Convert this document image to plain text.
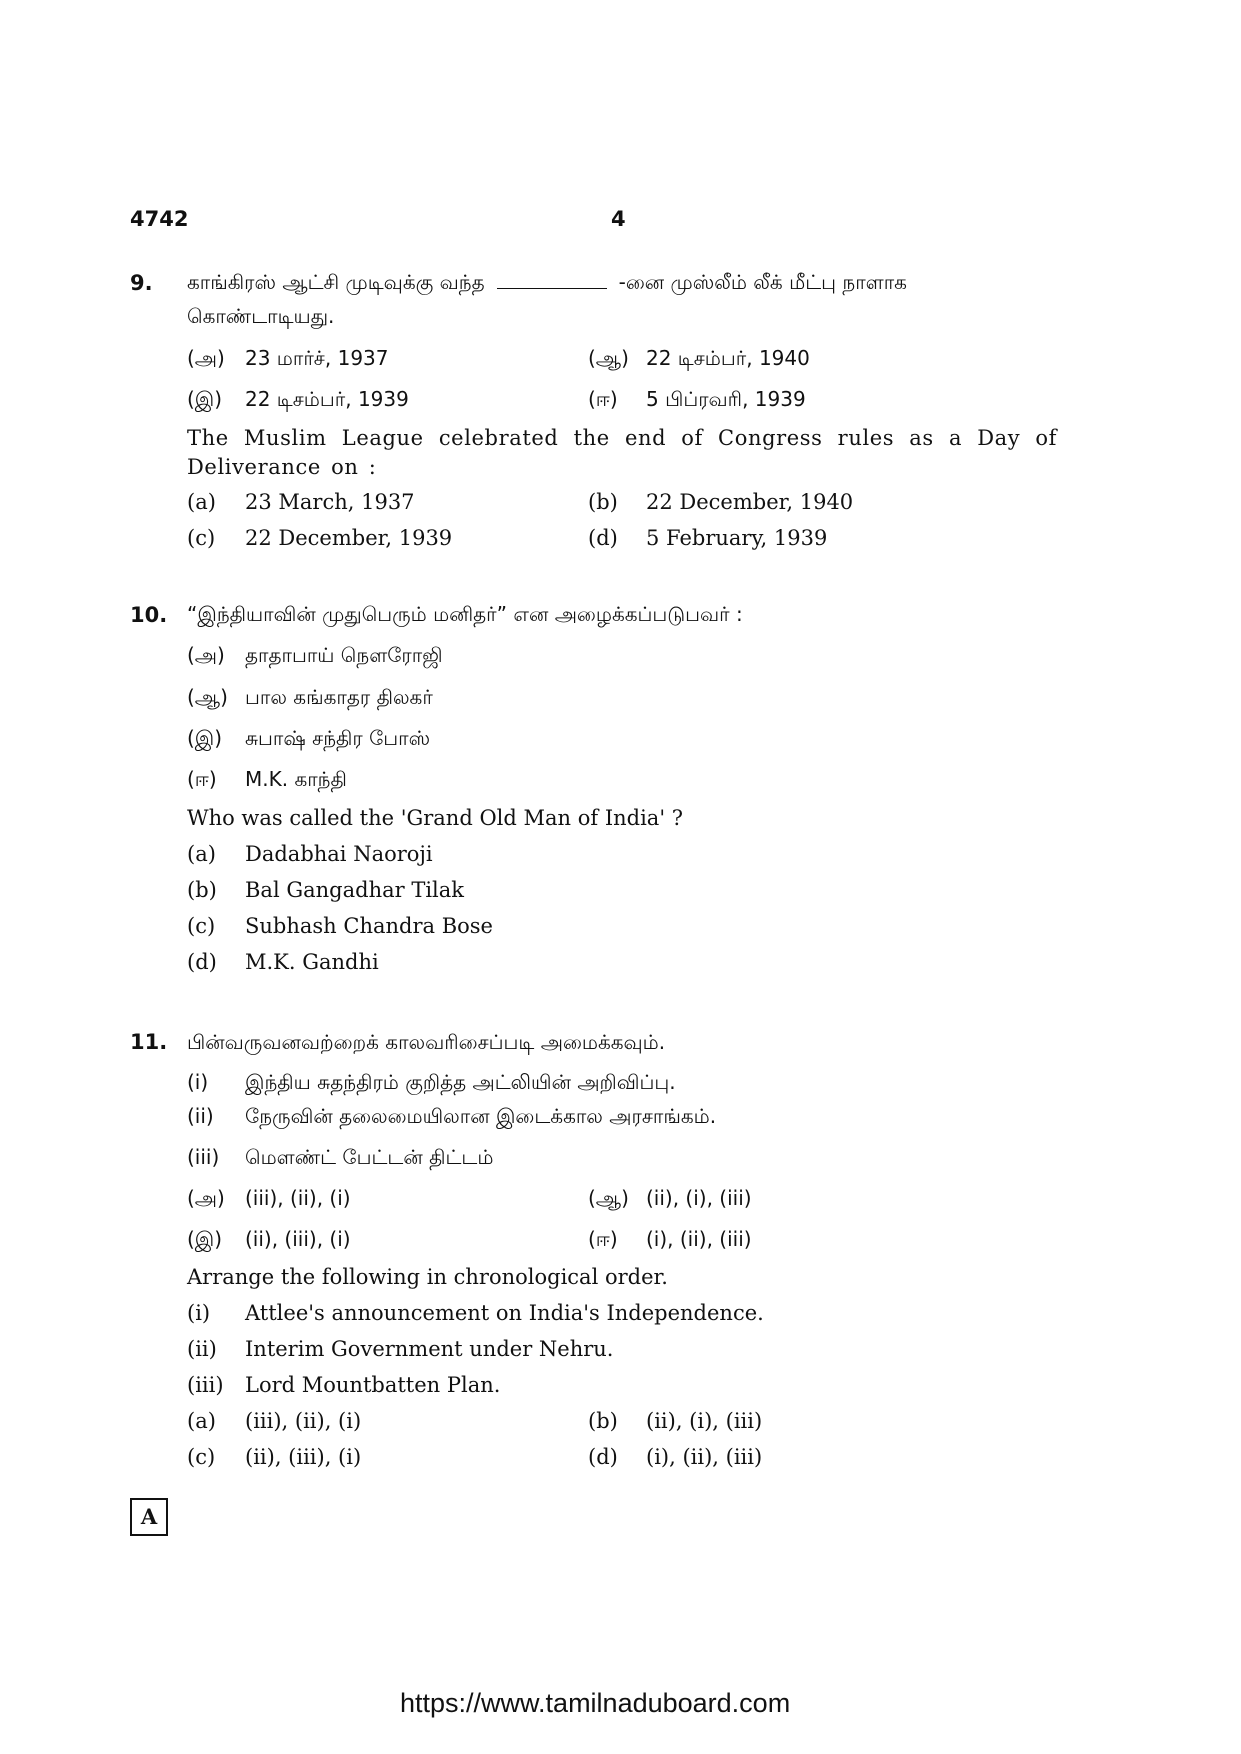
4742	4
9. காங்கிரஸ் ஆட்சி முடிவுக்கு வந்த	-னை முஸ்லீம் லீக் மீட்பு நாளாக
கொண்டாடியது.
(அ) 23 மார்ச், 1937	(ஆ) 22 டிசம்பர், 1940
(இ) 22 டிசம்பர், 1939	(ஈ) 5 பிப்ரவரி, 1939
The Muslim League celebrated the end of Congress rules as a Day of Deliverance on :
(a) 23 March, 1937	(b) 22 December, 1940
(c) 22 December, 1939	(d) 5 February, 1939
10. “இந்தியாவின் முதுபெரும் மனிதர்” என அழைக்கப்படுபவர் :
(அ) தாதாபாய் நௌரோஜி
(ஆ) பால கங்காதர திலகர்
(இ) சுபாஷ் சந்திர போஸ்
(ஈ) M.K. காந்தி
Who was called the 'Grand Old Man of India' ?
(a) Dadabhai Naoroji
(b) Bal Gangadhar Tilak
(c) Subhash Chandra Bose
(d) M.K. Gandhi
11. பின்வருவனவற்றைக் காலவரிசைப்படி அமைக்கவும்.
(i) இந்திய சுதந்திரம் குறித்த அட்லியின் அறிவிப்பு.
(ii) நேருவின் தலைமையிலான இடைக்கால அரசாங்கம்.
(iii) மௌண்ட் பேட்டன் திட்டம்
(அ) (iii), (ii), (i)	(ஆ) (ii), (i), (iii)
(இ) (ii), (iii), (i)	(ஈ) (i), (ii), (iii)
Arrange the following in chronological order.
(i) Attlee's announcement on India's Independence.
(ii) Interim Government under Nehru.
(iii) Lord Mountbatten Plan.
(a) (iii), (ii), (i)	(b) (ii), (i), (iii)
(c) (ii), (iii), (i)	(d) (i), (ii), (iii)
A
https://www.tamilnaduboard.com
